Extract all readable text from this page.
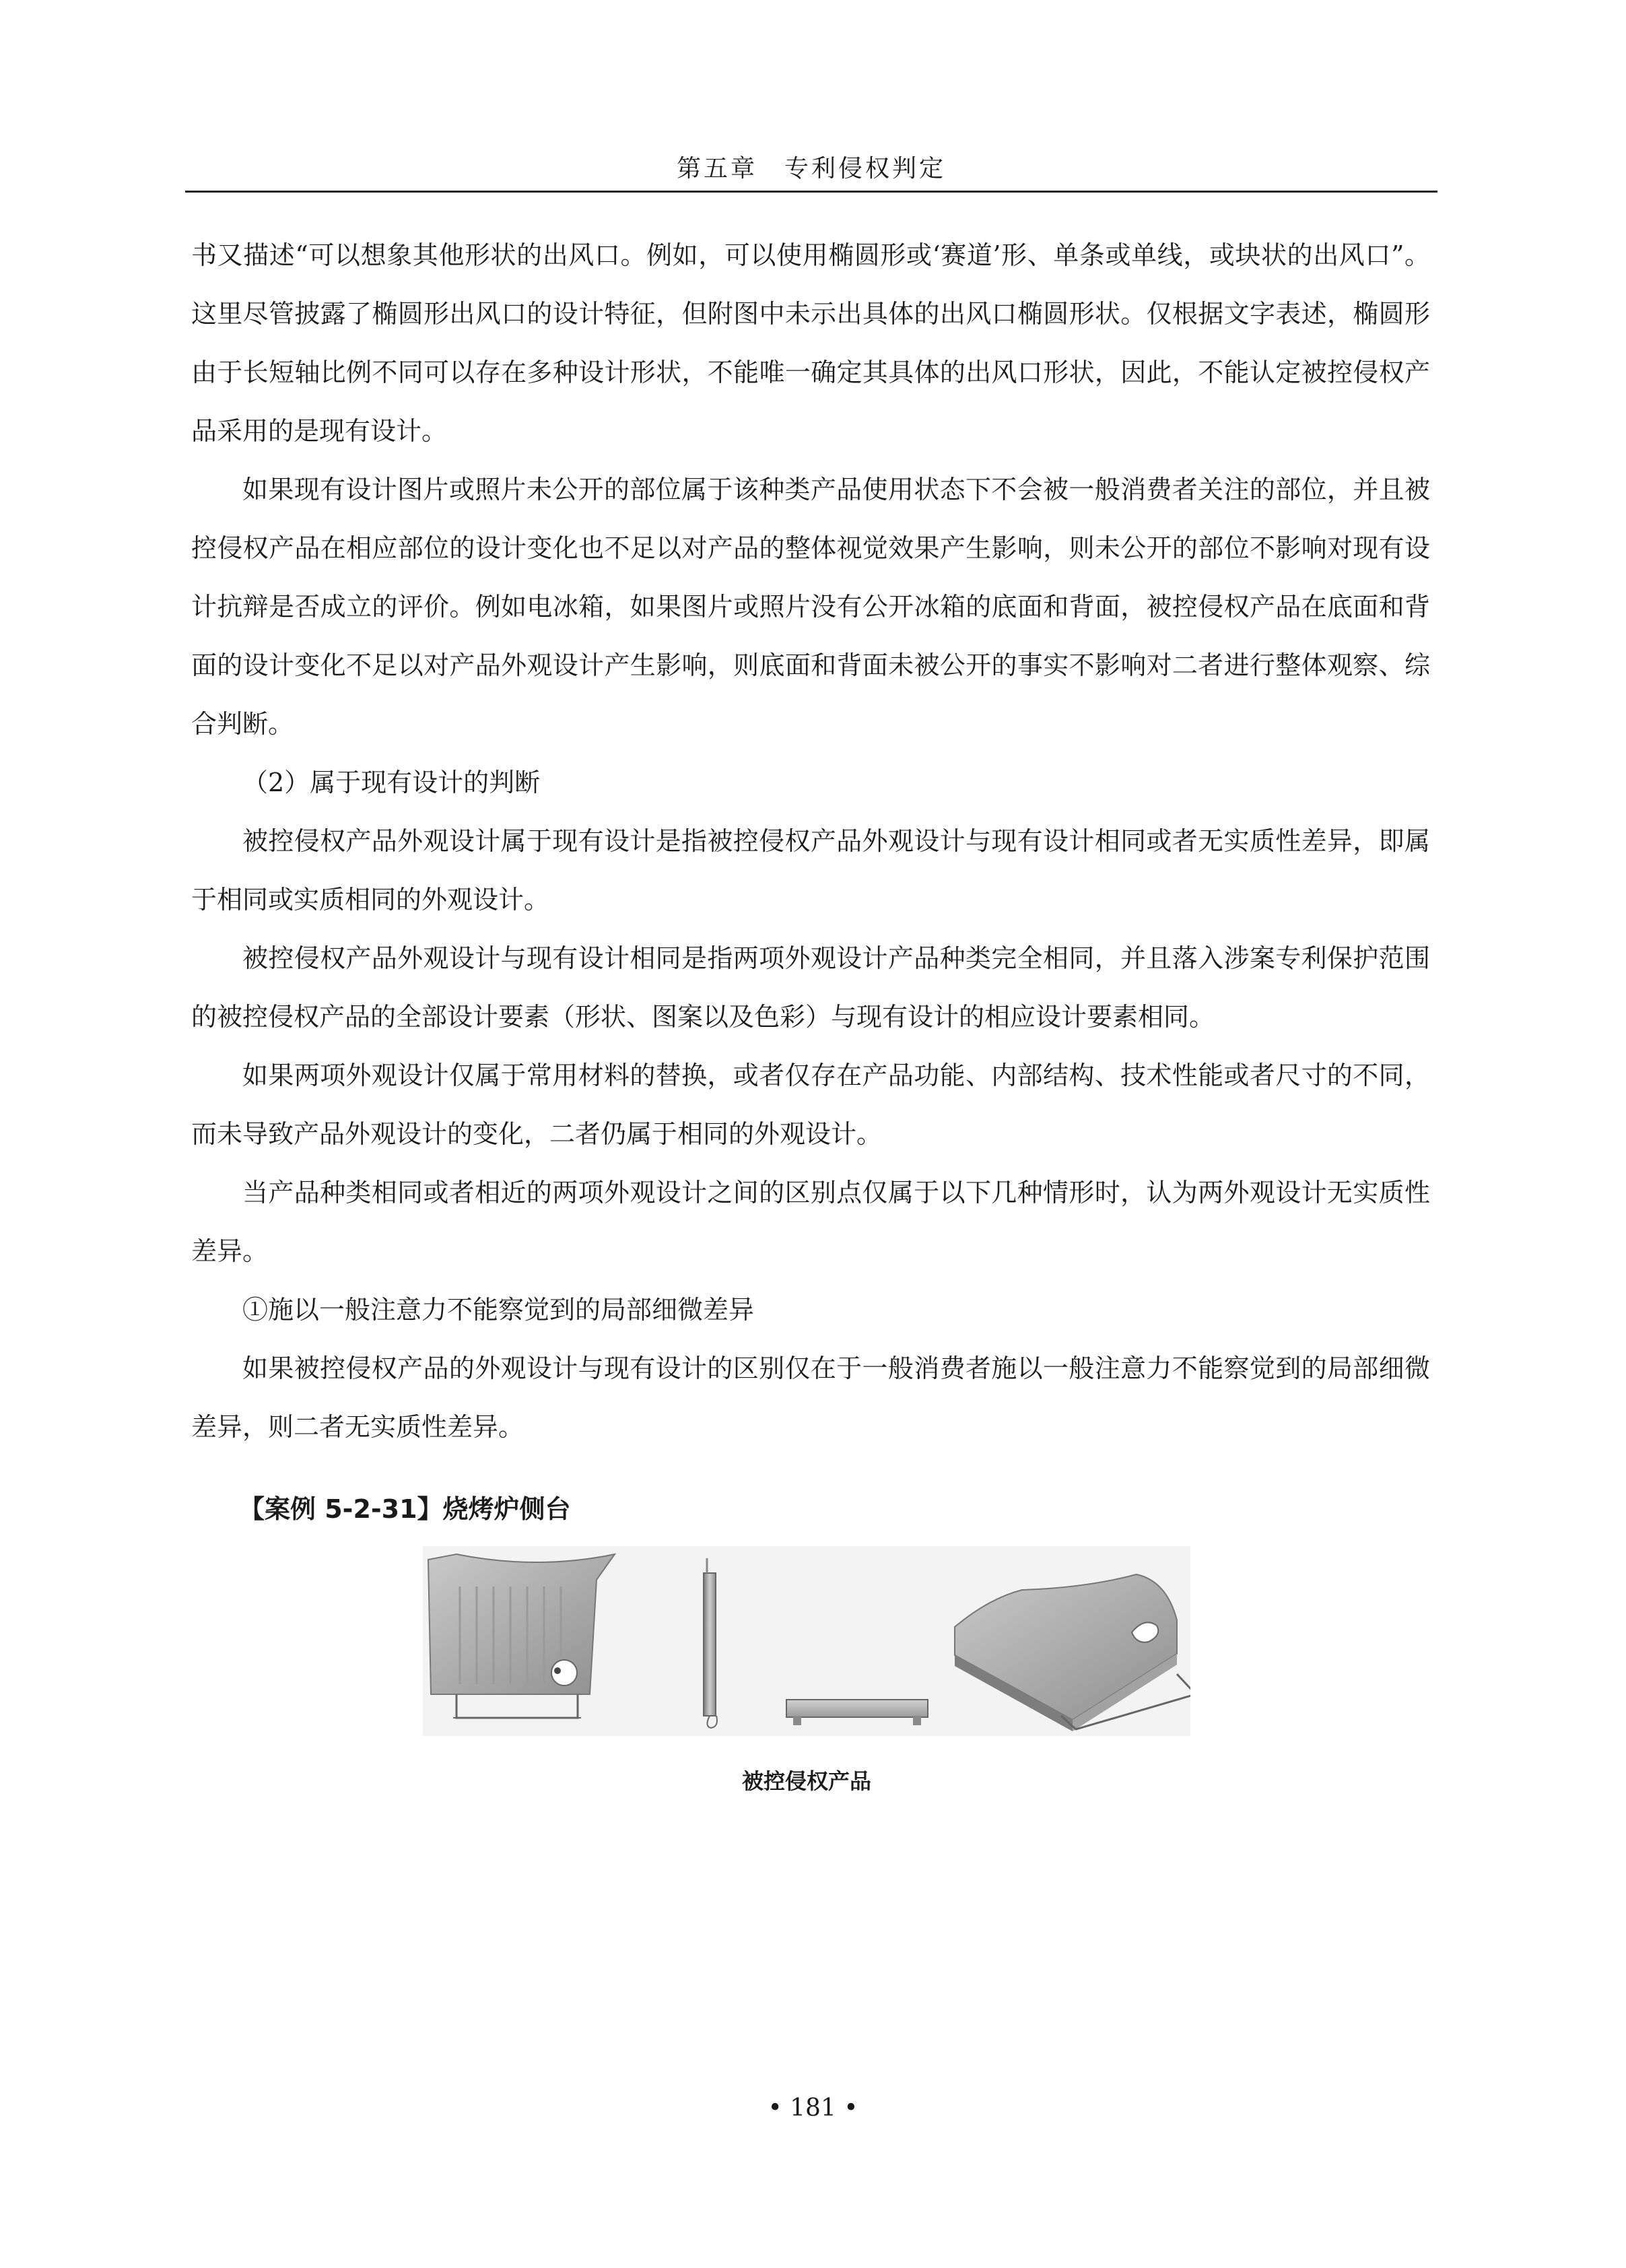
第五章　专利侵权判定

书又描述“可以想象其他形状的出风口。例如，可以使用椭圆形或‘赛道’形、单条或单线，或块状的出风口”。这里尽管披露了椭圆形出风口的设计特征，但附图中未示出具体的出风口椭圆形状。仅根据文字表述，椭圆形由于长短轴比例不同可以存在多种设计形状，不能唯一确定其具体的出风口形状，因此，不能认定被控侵权产品采用的是现有设计。

如果现有设计图片或照片未公开的部位属于该种类产品使用状态下不会被一般消费者关注的部位，并且被控侵权产品在相应部位的设计变化也不足以对产品的整体视觉效果产生影响，则未公开的部位不影响对现有设计抗辩是否成立的评价。例如电冰箱，如果图片或照片没有公开冰箱的底面和背面，被控侵权产品在底面和背面的设计变化不足以对产品外观设计产生影响，则底面和背面未被公开的事实不影响对二者进行整体观察、综合判断。

（2）属于现有设计的判断

被控侵权产品外观设计属于现有设计是指被控侵权产品外观设计与现有设计相同或者无实质性差异，即属于相同或实质相同的外观设计。

被控侵权产品外观设计与现有设计相同是指两项外观设计产品种类完全相同，并且落入涉案专利保护范围的被控侵权产品的全部设计要素（形状、图案以及色彩）与现有设计的相应设计要素相同。

如果两项外观设计仅属于常用材料的替换，或者仅存在产品功能、内部结构、技术性能或者尺寸的不同，而未导致产品外观设计的变化，二者仍属于相同的外观设计。

当产品种类相同或者相近的两项外观设计之间的区别点仅属于以下几种情形时，认为两外观设计无实质性差异。

①施以一般注意力不能察觉到的局部细微差异

如果被控侵权产品的外观设计与现有设计的区别仅在于一般消费者施以一般注意力不能察觉到的局部细微差异，则二者无实质性差异。

【案例 5-2-31】烧烤炉侧台
被控侵权产品
• 181 •
